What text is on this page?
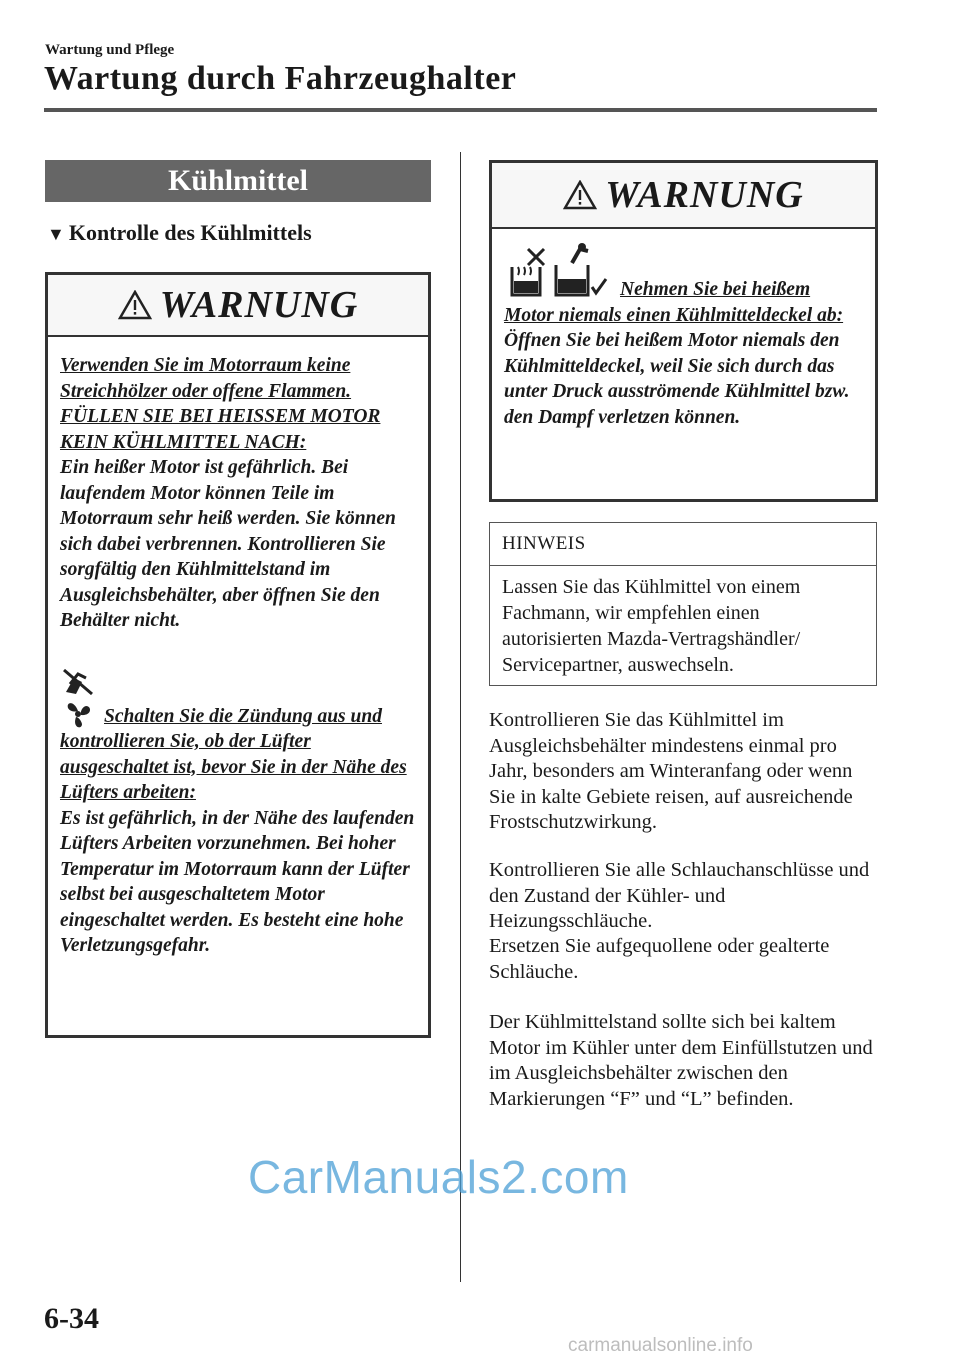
Wartung und Pflege
Wartung durch Fahrzeughalter
Kühlmittel
▼ Kontrolle des Kühlmittels
WARNUNG

Verwenden Sie im Motorraum keine Streichhölzer oder offene Flammen. FÜLLEN SIE BEI HEISSEM MOTOR KEIN KÜHLMITTEL NACH:

Ein heißer Motor ist gefährlich. Bei laufendem Motor können Teile im Motorraum sehr heiß werden. Sie können sich dabei verbrennen. Kontrollieren Sie sorgfältig den Kühlmittelstand im Ausgleichsbehälter, aber öffnen Sie den Behälter nicht.

Schalten Sie die Zündung aus und kontrollieren Sie, ob der Lüfter ausgeschaltet ist, bevor Sie in der Nähe des Lüfters arbeiten:

Es ist gefährlich, in der Nähe des laufenden Lüfters Arbeiten vorzunehmen. Bei hoher Temperatur im Motorraum kann der Lüfter selbst bei ausgeschaltetem Motor eingeschaltet werden. Es besteht eine hohe Verletzungsgefahr.

WARNUNG

Nehmen Sie bei heißem Motor niemals einen Kühlmitteldeckel ab:

Öffnen Sie bei heißem Motor niemals den Kühlmitteldeckel, weil Sie sich durch das unter Druck ausströmende Kühlmittel bzw. den Dampf verletzen können.

HINWEIS
Lassen Sie das Kühlmittel von einem Fachmann, wir empfehlen einen autorisierten Mazda-Vertragshändler/ Servicepartner, auswechseln.

Kontrollieren Sie das Kühlmittel im Ausgleichsbehälter mindestens einmal pro Jahr, besonders am Winteranfang oder wenn Sie in kalte Gebiete reisen, auf ausreichende Frostschutzwirkung.

Kontrollieren Sie alle Schlauchanschlüsse und den Zustand der Kühler- und Heizungsschläuche.

Ersetzen Sie aufgequollene oder gealterte Schläuche.

Der Kühlmittelstand sollte sich bei kaltem Motor im Kühler unter dem Einfüllstutzen und im Ausgleichsbehälter zwischen den Markierungen “F” und “L” befinden.

CarManuals2.com
6-34
carmanualsonline.info
